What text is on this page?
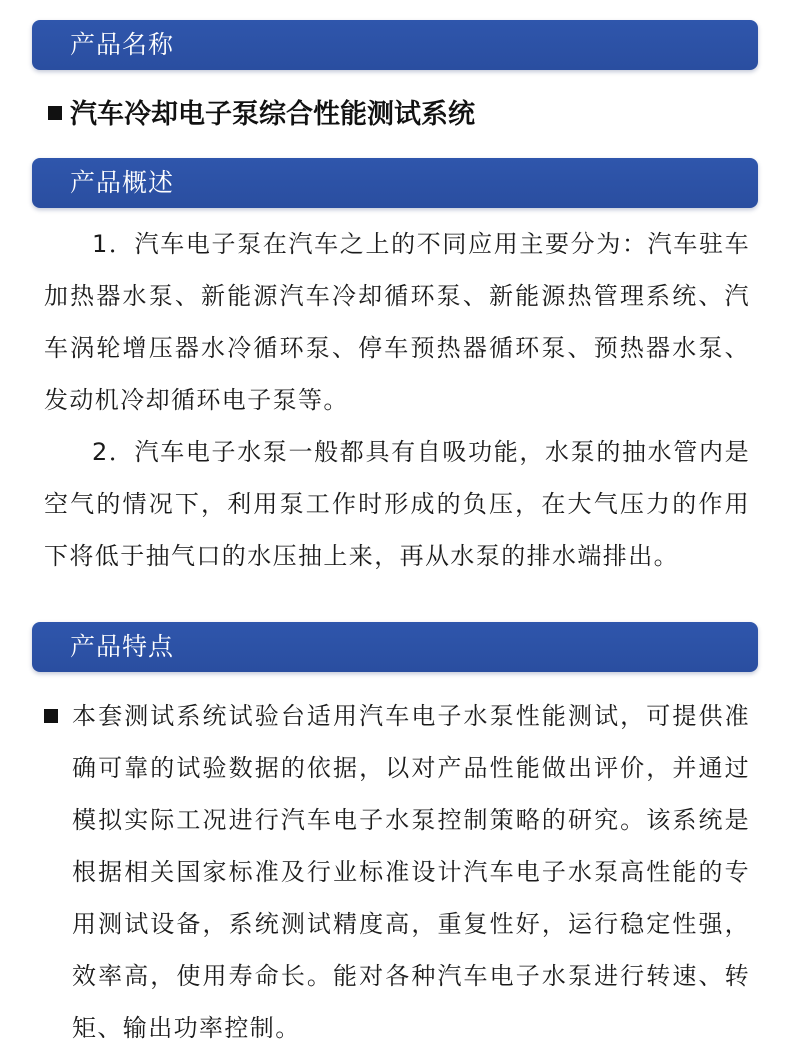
产品名称
汽车冷却电子泵综合性能测试系统
产品概述

1．汽车电子泵在汽车之上的不同应用主要分为：汽车驻车加热器水泵、新能源汽车冷却循环泵、新能源热管理系统、汽车涡轮增压器水冷循环泵、停车预热器循环泵、预热器水泵、发动机冷却循环电子泵等。

2．汽车电子水泵一般都具有自吸功能，水泵的抽水管内是空气的情况下，利用泵工作时形成的负压，在大气压力的作用下将低于抽气口的水压抽上来，再从水泵的排水端排出。

产品特点

本套测试系统试验台适用汽车电子水泵性能测试，可提供准确可靠的试验数据的依据，以对产品性能做出评价，并通过模拟实际工况进行汽车电子水泵控制策略的研究。该系统是根据相关国家标准及行业标准设计汽车电子水泵高性能的专用测试设备，系统测试精度高，重复性好，运行稳定性强，效率高，使用寿命长。能对各种汽车电子水泵进行转速、转矩、输出功率控制。
